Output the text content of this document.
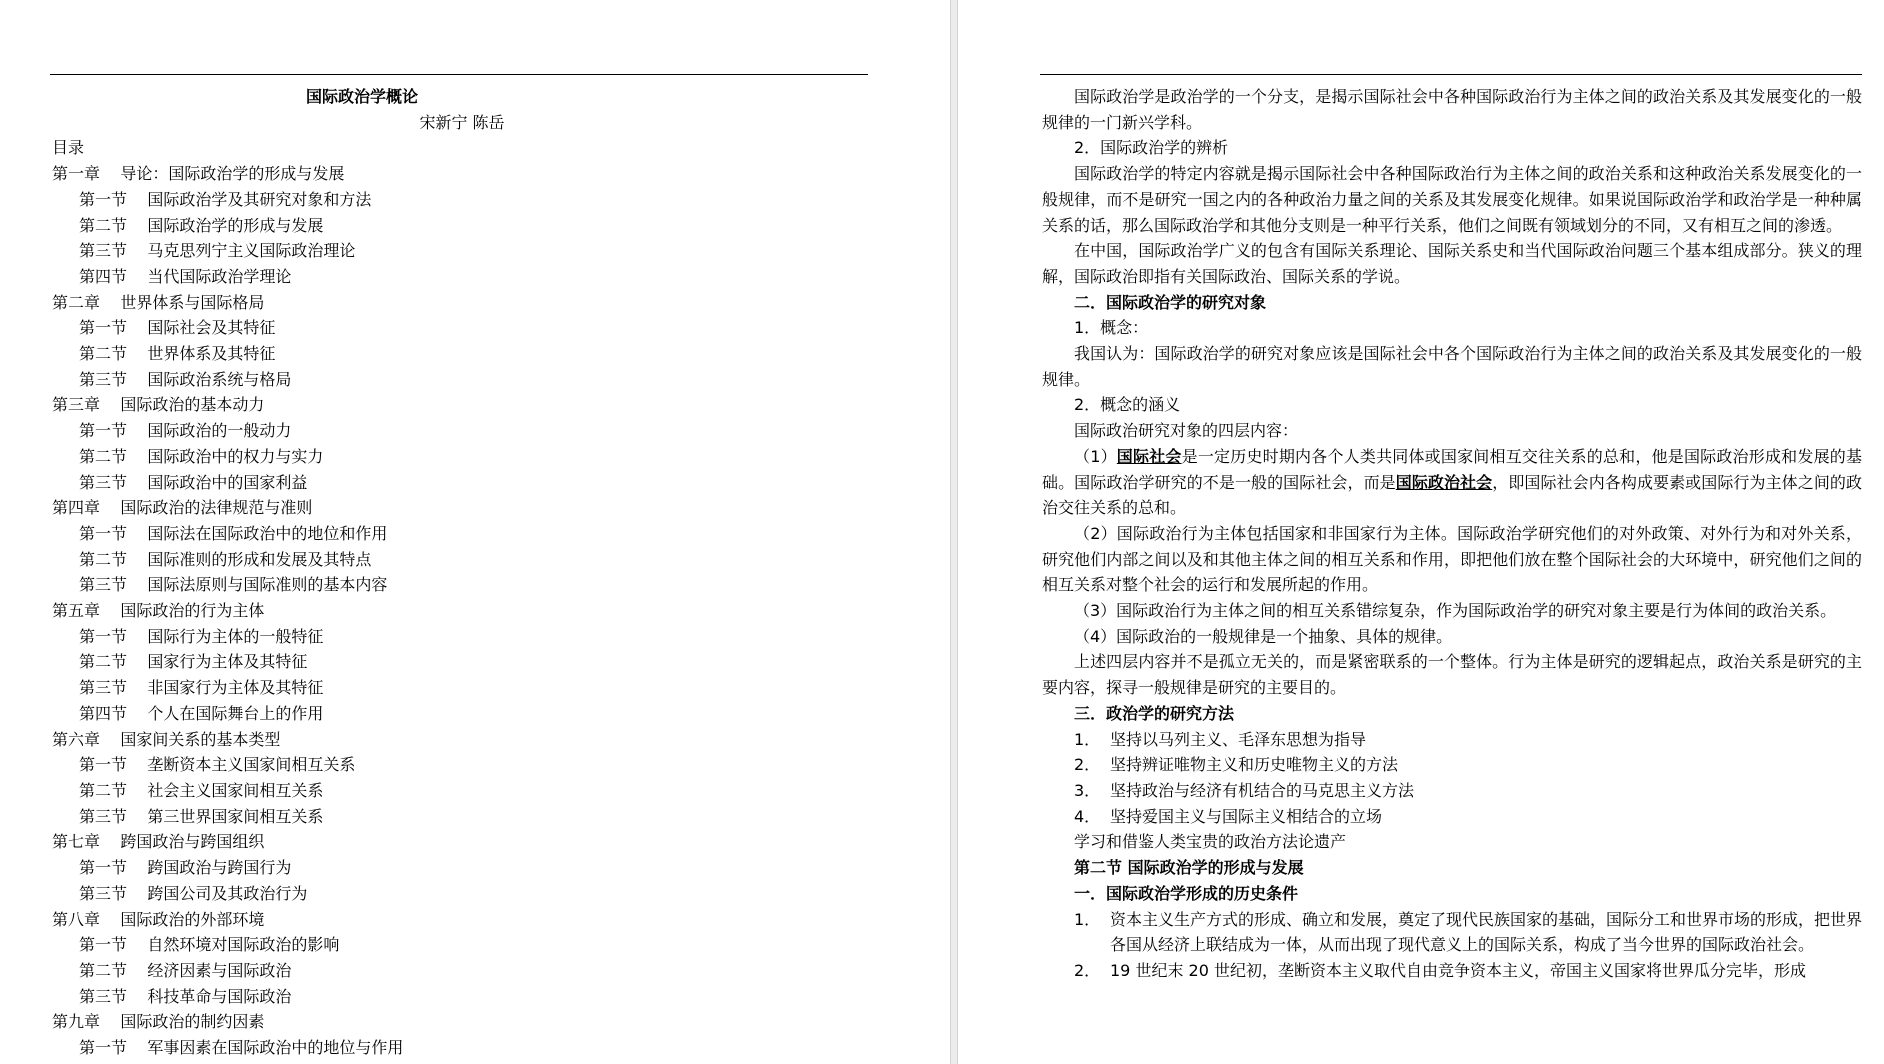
国际政治学概论
宋新宁 陈岳
目录
第一章    导论：国际政治学的形成与发展
第一节    国际政治学及其研究对象和方法
第二节    国际政治学的形成与发展
第三节    马克思列宁主义国际政治理论
第四节    当代国际政治学理论
第二章    世界体系与国际格局
第一节    国际社会及其特征
第二节    世界体系及其特征
第三节    国际政治系统与格局
第三章    国际政治的基本动力
第一节    国际政治的一般动力
第二节    国际政治中的权力与实力
第三节    国际政治中的国家利益
第四章    国际政治的法律规范与准则
第一节    国际法在国际政治中的地位和作用
第二节    国际准则的形成和发展及其特点
第三节    国际法原则与国际准则的基本内容
第五章    国际政治的行为主体
第一节    国际行为主体的一般特征
第二节    国家行为主体及其特征
第三节    非国家行为主体及其特征
第四节    个人在国际舞台上的作用
第六章    国家间关系的基本类型
第一节    垄断资本主义国家间相互关系
第二节    社会主义国家间相互关系
第三节    第三世界国家间相互关系
第七章    跨国政治与跨国组织
第一节    跨国政治与跨国行为
第三节    跨国公司及其政治行为
第八章    国际政治的外部环境
第一节    自然环境对国际政治的影响
第二节    经济因素与国际政治
第三节    科技革命与国际政治
第九章    国际政治的制约因素
第一节    军事因素在国际政治中的地位与作用

国际政治学是政治学的一个分支，是揭示国际社会中各种国际政治行为主体之间的政治关系及其发展变化的一般规律的一门新兴学科。

2．国际政治学的辨析

国际政治学的特定内容就是揭示国际社会中各种国际政治行为主体之间的政治关系和这种政治关系发展变化的一般规律，而不是研究一国之内的各种政治力量之间的关系及其发展变化规律。如果说国际政治学和政治学是一种种属关系的话，那么国际政治学和其他分支则是一种平行关系，他们之间既有领域划分的不同，又有相互之间的渗透。

在中国，国际政治学广义的包含有国际关系理论、国际关系史和当代国际政治问题三个基本组成部分。狭义的理解，国际政治即指有关国际政治、国际关系的学说。

二．国际政治学的研究对象
1．概念：

我国认为：国际政治学的研究对象应该是国际社会中各个国际政治行为主体之间的政治关系及其发展变化的一般规律。

2．概念的涵义

国际政治研究对象的四层内容：

（1）国际社会是一定历史时期内各个人类共同体或国家间相互交往关系的总和，他是国际政治形成和发展的基础。国际政治学研究的不是一般的国际社会，而是国际政治社会，即国际社会内各构成要素或国际行为主体之间的政治交往关系的总和。

（2）国际政治行为主体包括国家和非国家行为主体。国际政治学研究他们的对外政策、对外行为和对外关系，研究他们内部之间以及和其他主体之间的相互关系和作用，即把他们放在整个国际社会的大环境中，研究他们之间的相互关系对整个社会的运行和发展所起的作用。

（3）国际政治行为主体之间的相互关系错综复杂，作为国际政治学的研究对象主要是行为体间的政治关系。

（4）国际政治的一般规律是一个抽象、具体的规律。

上述四层内容并不是孤立无关的，而是紧密联系的一个整体。行为主体是研究的逻辑起点，政治关系是研究的主要内容，探寻一般规律是研究的主要目的。

三．政治学的研究方法
1． 坚持以马列主义、毛泽东思想为指导
2． 坚持辨证唯物主义和历史唯物主义的方法
3． 坚持政治与经济有机结合的马克思主义方法
4． 坚持爱国主义与国际主义相结合的立场
学习和借鉴人类宝贵的政治方法论遗产
第二节 国际政治学的形成与发展
一．国际政治学形成的历史条件
1． 资本主义生产方式的形成、确立和发展，奠定了现代民族国家的基础，国际分工和世界市场的形成，把世界各国从经济上联结成为一体，从而出现了现代意义上的国际关系，构成了当今世界的国际政治社会。
2． 19 世纪末 20 世纪初，垄断资本主义取代自由竞争资本主义，帝国主义国家将世界瓜分完毕，形成
